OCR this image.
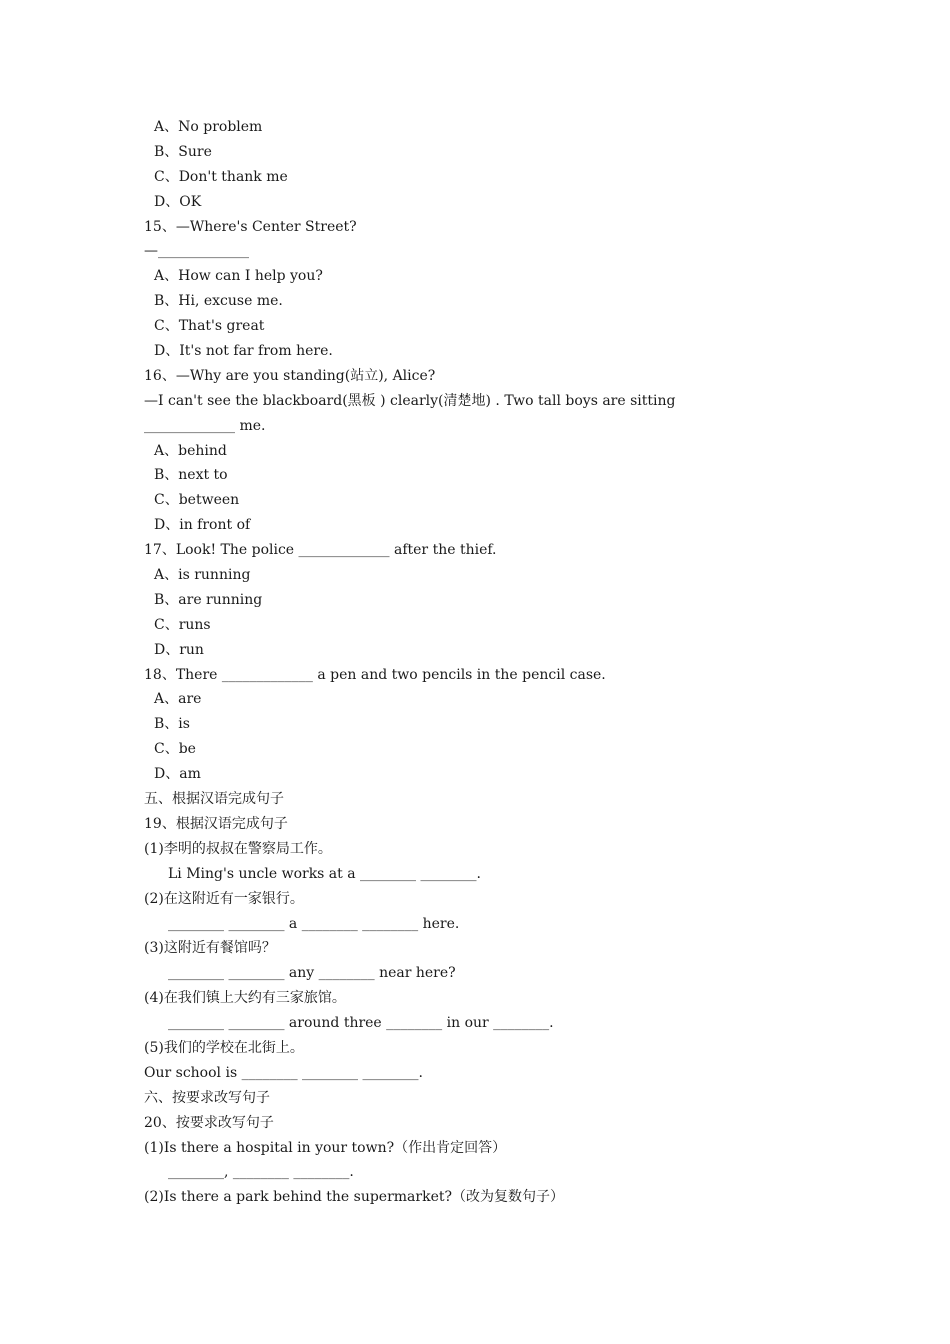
A、No problem
B、Sure
C、Don't thank me
D、OK
15、—Where's Center Street?
—_____________
A、How can I help you?
B、Hi, excuse me.
C、That's great
D、It's not far from here.
16、—Why are you standing(站立), Alice?
—I can't see the blackboard(黑板 ) clearly(清楚地) . Two tall boys are sitting
_____________ me.
A、behind
B、next to
C、between
D、in front of
17、Look! The police _____________ after the thief.
A、is running
B、are running
C、runs
D、run
18、There _____________ a pen and two pencils in the pencil case.
A、are
B、is
C、be
D、am
五、根据汉语完成句子
19、根据汉语完成句子
(1)李明的叔叔在警察局工作。
Li Ming's uncle works at a ________ ________.
(2)在这附近有一家银行。
________ ________ a ________ ________ here.
(3)这附近有餐馆吗？
________ ________ any ________ near here?
(4)在我们镇上大约有三家旅馆。
________ ________ around three ________ in our ________.
(5)我们的学校在北街上。
Our school is ________ ________ ________.
六、按要求改写句子
20、按要求改写句子
(1)Is there a hospital in your town?（作出肯定回答）
________, ________ ________.
(2)Is there a park behind the supermarket?（改为复数句子）
